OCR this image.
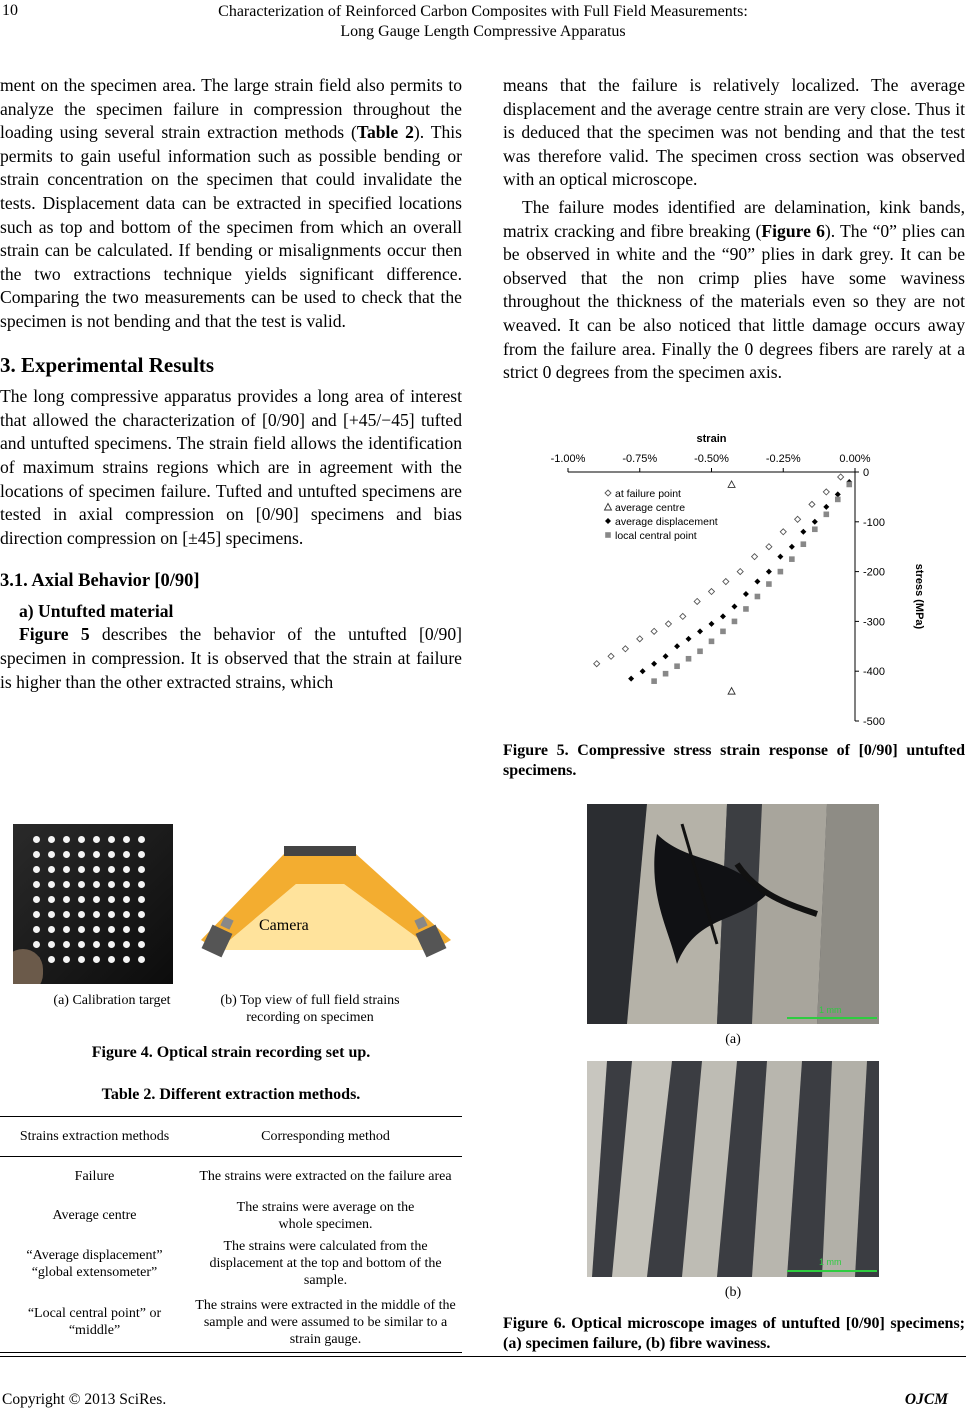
10	Characterization of Reinforced Carbon Composites with Full Field Measurements:
Long Gauge Length Compressive Apparatus

ment on the specimen area. The large strain field also permits to analyze the specimen failure in compression throughout the loading using several strain extraction methods (Table 2). This permits to gain useful information such as possible bending or strain concentration on the specimen that could invalidate the tests. Displacement data can be extracted in specified locations such as top and bottom of the specimen from which an overall strain can be calculated. If bending or misalignments occur then the two extractions technique yields significant difference. Comparing the two measurements can be used to check that the specimen is not bending and that the test is valid.

3. Experimental Results

The long compressive apparatus provides a long area of interest that allowed the characterization of [0/90] and [+45/−45] tufted and untufted specimens. The strain field allows the identification of maximum strains regions which are in agreement with the locations of specimen failure. Tufted and untufted specimens are tested in axial compression on [0/90] specimens and bias direction compression on [±45] specimens.

3.1. Axial Behavior [0/90]
a) Untufted material

Figure 5 describes the behavior of the untufted [0/90] specimen in compression. It is observed that the strain at failure is higher than the other extracted strains, which

Camera
(a) Calibration target	(b) Top view of full field strains
recording on specimen
Figure 4. Optical strain recording set up.
Table 2. Different extraction methods.
Strains extraction methods	Corresponding method
Failure	The strains were extracted on the failure area
Average centre	The strains were average on the whole specimen.
“Average displacement” “global extensometer”	The strains were calculated from the displacement at the top and bottom of the sample.
“Local central point” or “middle”	The strains were extracted in the middle of the sample and were assumed to be similar to a strain gauge.

means that the failure is relatively localized. The average displacement and the average centre strain are very close. Thus it is deduced that the specimen was not bending and that the test was therefore valid. The specimen cross section was observed with an optical microscope.

The failure modes identified are delamination, kink bands, matrix cracking and fibre breaking (Figure 6). The “0” plies can be observed in white and the “90” plies in dark grey. It can be observed that the non crimp plies have some waviness throughout the thickness of the materials even so they are not weaved. It can be also noticed that little damage occurs away from the failure area. Finally the 0 degrees fibers are rarely at a strict 0 degrees from the specimen axis.

strain
-1.00%	-0.75%	-0.50%	-0.25%	0.00%
0
-100
-200
-300
-400
-500
stress (MPa)
at failure point
average centre
average displacement
local central point
Figure 5. Compressive stress strain response of [0/90] untufted specimens.
1 mm
(a)
1 mm
(b)
Figure 6. Optical microscope images of untufted [0/90] specimens; (a) specimen failure, (b) fibre waviness.
Copyright © 2013 SciRes.	OJCM
